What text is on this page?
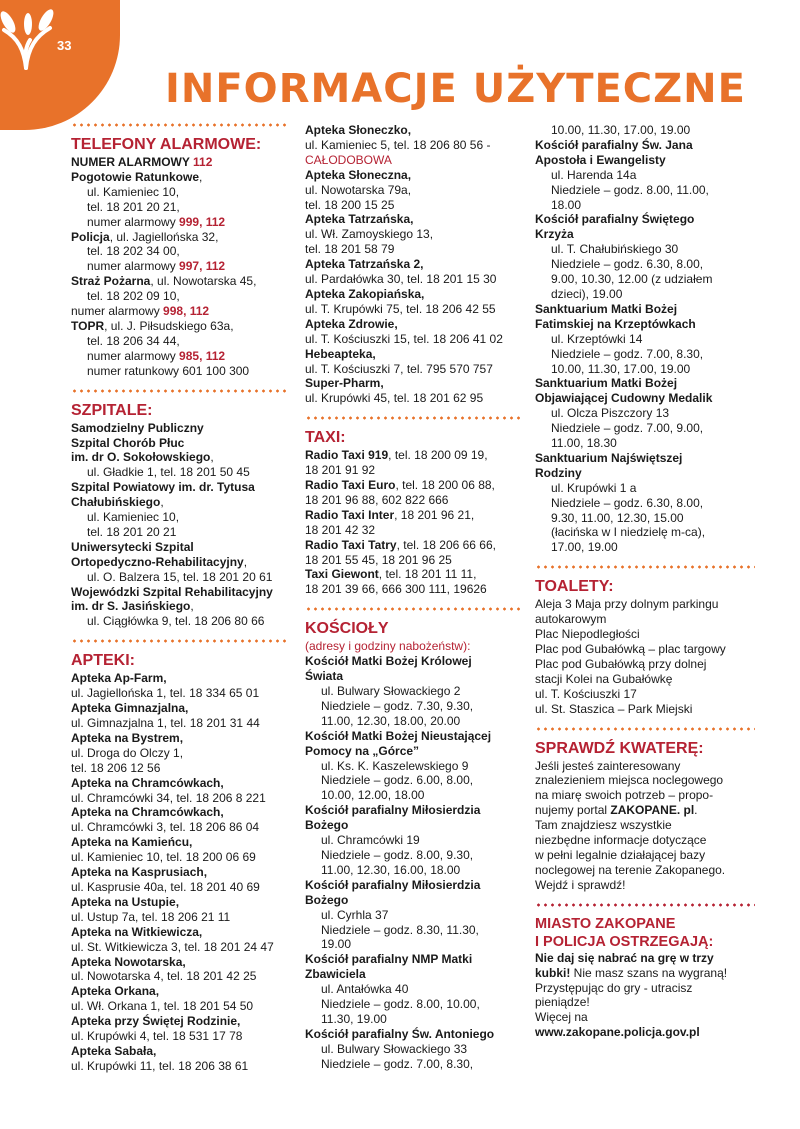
33
INFORMACJE UŻYTECZNE
TELEFONY ALARMOWE:
NUMER ALARMOWY 112
Pogotowie Ratunkowe,
ul. Kamieniec 10,
tel. 18 201 20 21,
numer alarmowy 999, 112
Policja, ul. Jagiellońska 32,
tel. 18 202 34 00,
numer alarmowy 997, 112
Straż Pożarna, ul. Nowotarska 45,
tel. 18 202 09 10,
numer alarmowy 998, 112
TOPR, ul. J. Piłsudskiego 63a,
tel. 18 206 34 44,
numer alarmowy 985, 112
numer ratunkowy 601 100 300
SZPITALE:
Samodzielny Publiczny
Szpital Chorób Płuc
im. dr O. Sokołowskiego,
ul. Gładkie 1, tel. 18 201 50 45
Szpital Powiatowy im. dr. Tytusa
Chałubińskiego,
ul. Kamieniec 10,
tel. 18 201 20 21
Uniwersytecki Szpital
Ortopedyczno-Rehabilitacyjny,
ul. O. Balzera 15, tel. 18 201 20 61
Wojewódzki Szpital Rehabilitacyjny
im. dr S. Jasińskiego,
ul. Ciągłówka 9, tel. 18 206 80 66
APTEKI:
Apteka Ap-Farm,
ul. Jagiellońska 1, tel. 18 334 65 01
Apteka Gimnazjalna,
ul. Gimnazjalna 1, tel. 18 201 31 44
Apteka na Bystrem,
ul. Droga do Olczy 1,
tel. 18 206 12 56
Apteka na Chramcówkach,
ul. Chramcówki 34, tel. 18 206 8 221
Apteka na Chramcówkach,
ul. Chramcówki 3, tel. 18 206 86 04
Apteka na Kamieńcu,
ul. Kamieniec 10, tel. 18 200 06 69
Apteka na Kasprusiach,
ul. Kasprusie 40a, tel. 18 201 40 69
Apteka na Ustupie,
ul. Ustup 7a, tel. 18 206 21 11
Apteka na Witkiewicza,
ul. St. Witkiewicza 3, tel. 18 201 24 47
Apteka Nowotarska,
ul. Nowotarska 4, tel. 18 201 42 25
Apteka Orkana,
ul. Wł. Orkana 1, tel. 18 201 54 50
Apteka przy Świętej Rodzinie,
ul. Krupówki 4, tel. 18 531 17 78
Apteka Sabała,
ul. Krupówki 11, tel. 18 206 38 61
Apteka Słoneczko,
ul. Kamieniec 5, tel. 18 206 80 56 -
CAŁODOBOWA
Apteka Słoneczna,
ul. Nowotarska 79a,
tel. 18 200 15 25
Apteka Tatrzańska,
ul. Wł. Zamoyskiego 13,
tel. 18 201 58 79
Apteka Tatrzańska 2,
ul. Pardałówka 30, tel. 18 201 15 30
Apteka Zakopiańska,
ul. T. Krupówki 75, tel. 18 206 42 55
Apteka Zdrowie,
ul. T. Kościuszki 15, tel. 18 206 41 02
Hebeapteka,
ul. T. Kościuszki 7, tel. 795 570 757
Super-Pharm,
ul. Krupówki 45, tel. 18 201 62 95
TAXI:
Radio Taxi 919, tel. 18 200 09 19,
18 201 91 92
Radio Taxi Euro, tel. 18 200 06 88,
18 201 96 88, 602 822 666
Radio Taxi Inter, 18 201 96 21,
18 201 42 32
Radio Taxi Tatry, tel. 18 206 66 66,
18 201 55 45, 18 201 96 25
Taxi Giewont, tel. 18 201 11 11,
18 201 39 66, 666 300 111, 19626
KOŚCIOŁY
(adresy i godziny nabożeństw):
Kościół Matki Bożej Królowej
Świata
ul. Bulwary Słowackiego 2
Niedziele – godz. 7.30, 9.30,
11.00, 12.30, 18.00, 20.00
Kościół Matki Bożej Nieustającej
Pomocy na „Górce”
ul. Ks. K. Kaszelewskiego 9
Niedziele – godz. 6.00, 8.00,
10.00, 12.00, 18.00
Kościół parafialny Miłosierdzia
Bożego
ul. Chramcówki 19
Niedziele – godz. 8.00, 9.30,
11.00, 12.30, 16.00, 18.00
Kościół parafialny Miłosierdzia
Bożego
ul. Cyrhla 37
Niedziele – godz. 8.30, 11.30,
19.00
Kościół parafialny NMP Matki
Zbawiciela
ul. Antałówka 40
Niedziele – godz. 8.00, 10.00,
11.30, 19.00
Kościół parafialny Św. Antoniego
ul. Bulwary Słowackiego 33
Niedziele – godz. 7.00, 8.30,
10.00, 11.30, 17.00, 19.00
Kościół parafialny Św. Jana
Apostoła i Ewangelisty
ul. Harenda 14a
Niedziele – godz. 8.00, 11.00,
18.00
Kościół parafialny Świętego
Krzyża
ul. T. Chałubińskiego 30
Niedziele – godz. 6.30, 8.00,
9.00, 10.30, 12.00 (z udziałem
dzieci), 19.00
Sanktuarium Matki Bożej
Fatimskiej na Krzeptówkach
ul. Krzeptówki 14
Niedziele – godz. 7.00, 8.30,
10.00, 11.30, 17.00, 19.00
Sanktuarium Matki Bożej
Objawiającej Cudowny Medalik
ul. Olcza Piszczory 13
Niedziele – godz. 7.00, 9.00,
11.00, 18.30
Sanktuarium Najświętszej
Rodziny
ul. Krupówki 1 a
Niedziele – godz. 6.30, 8.00,
9.30, 11.00, 12.30, 15.00
(łacińska w I niedzielę m-ca),
17.00, 19.00
TOALETY:
Aleja 3 Maja przy dolnym parkingu
autokarowym
Plac Niepodległości
Plac pod Gubałówką – plac targowy
Plac pod Gubałówką przy dolnej
stacji Kolei na Gubałówkę
ul. T. Kościuszki 17
ul. St. Staszica – Park Miejski
SPRAWDŹ KWATERĘ:
Jeśli jesteś zainteresowany
znalezieniem miejsca noclegowego
na miarę swoich potrzeb – propo-
nujemy portal ZAKOPANE. pl.
Tam znajdziesz wszystkie
niezbędne informacje dotyczące
w pełni legalnie działającej bazy
noclegowej na terenie Zakopanego.
Wejdź i sprawdź!
MIASTO ZAKOPANE
I POLICJA OSTRZEGAJĄ:
Nie daj się nabrać na grę w trzy
kubki! Nie masz szans na wygraną!
Przystępując do gry - utracisz
pieniądze!
Więcej na
www.zakopane.policja.gov.pl
